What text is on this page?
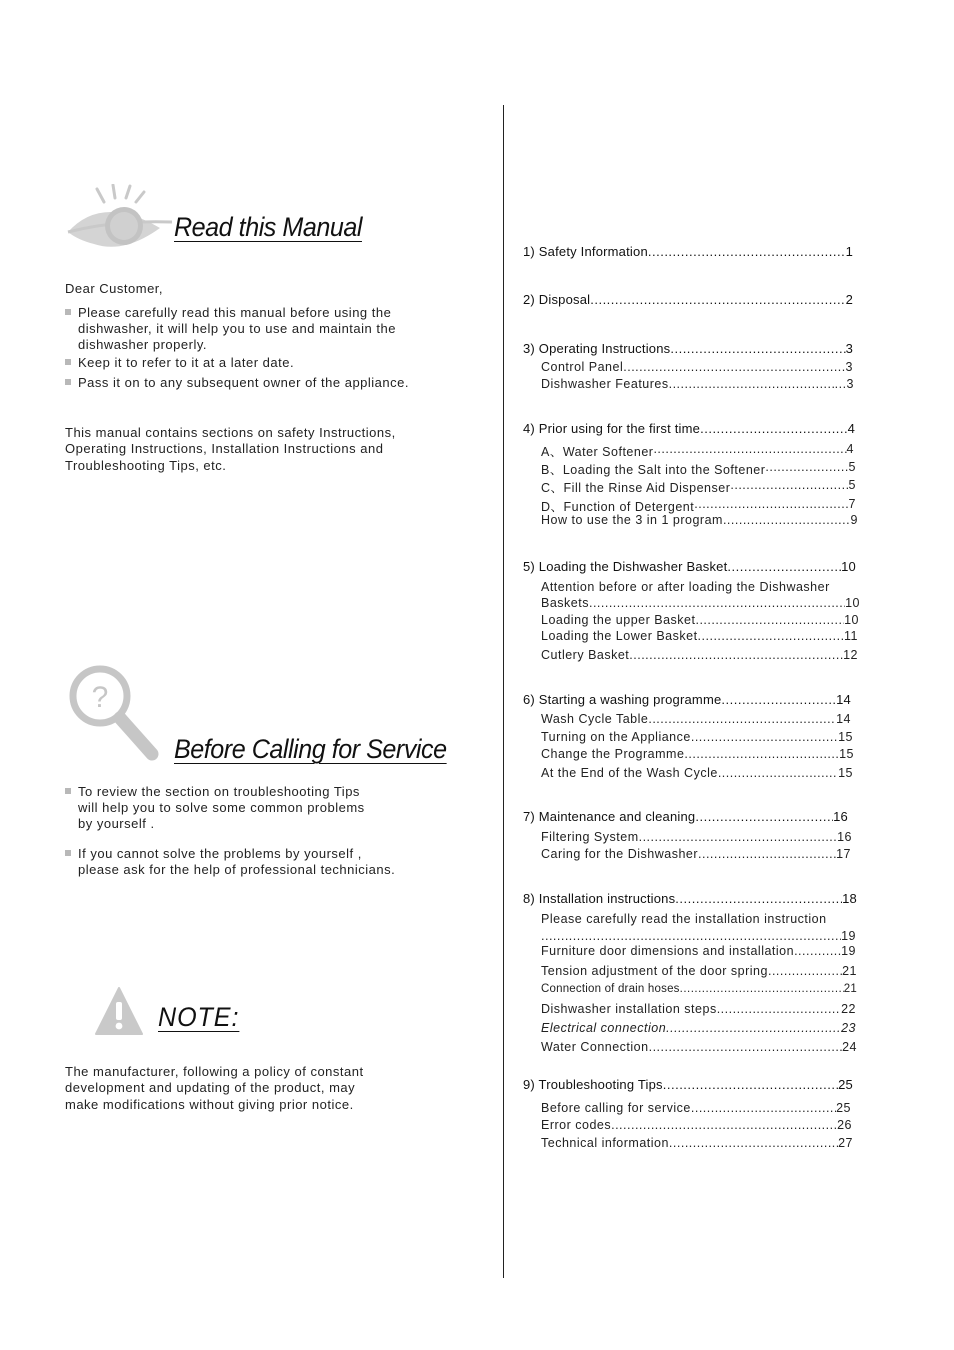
Read this Manual
Dear Customer,
Please carefully read this manual before using the
dishwasher, it will help you to use and maintain the
dishwasher properly.
Keep it to refer to it at a later date.
Pass it on to any subsequent owner of the appliance.
This manual contains sections on safety Instructions,
Operating Instructions, Installation Instructions and
Troubleshooting Tips, etc.
?
Before Calling for Service
To review the section on troubleshooting Tips
will help you to solve some common problems
by yourself .
If you cannot solve the problems by yourself ,
please ask for the help of professional technicians.
NOTE:
The manufacturer, following a policy of constant
development and updating of the product, may
make modifications without giving prior notice.
1) Safety Information .....	1
2) Disposal .....	2
3) Operating Instructions .....	3
Control Panel .....	3
Dishwasher Features .....	...3
4) Prior using for the first time .....	4
A、Water Softener .....	4
B、Loading the Salt into the Softener .....	5
C、Fill the Rinse Aid Dispenser .....	5
D、Function of Detergent .....	7
How to use the 3 in 1 program .....	9
5) Loading the Dishwasher Basket .....	10
Attention before or after loading the Dishwasher
Baskets .....	10
Loading the upper Basket .....	10
Loading the Lower Basket .....	11
Cutlery Basket .....	12
6) Starting a washing programme .....	14
Wash Cycle Table .....	14
Turning on the Appliance .....	15
Change the Programme .....	15
At the End of the Wash Cycle .....	15
7) Maintenance and cleaning .....	16
Filtering System .....	16
Caring for the Dishwasher .....	17
8) Installation instructions .....	18
Please carefully read the installation instruction
.....
19
Furniture door dimensions and installation .....	19
Tension adjustment of the door spring .....	21
Connection of drain hoses .....	21
Dishwasher installation steps .....	22
Electrical connection .....	23
Water Connection .....	24
9) Troubleshooting Tips .....	25
Before calling for service .....	25
Error codes .....	26
Technical information .....	27
